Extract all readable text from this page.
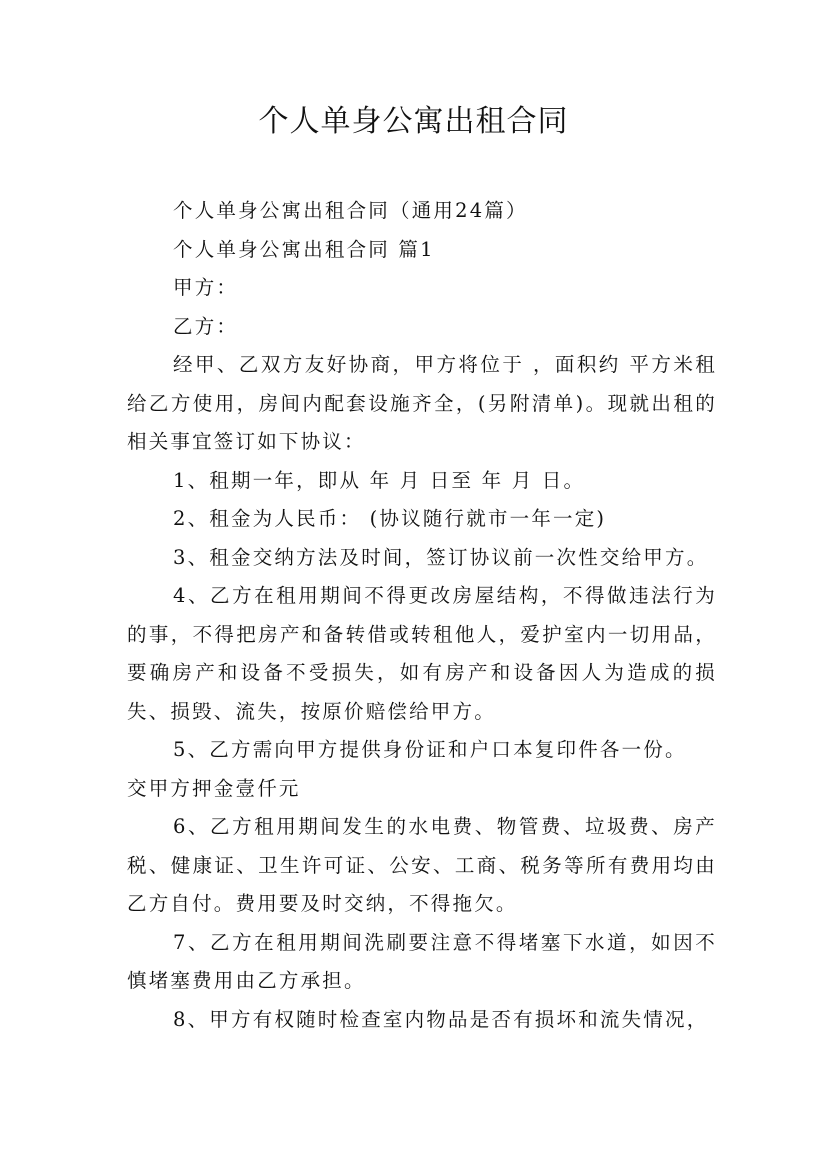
个人单身公寓出租合同

个人单身公寓出租合同（通用24篇）

个人单身公寓出租合同 篇1

甲方：

乙方：

经甲、乙双方友好协商，甲方将位于 ，面积约 平方米租给乙方使用，房间内配套设施齐全，(另附清单)。现就出租的相关事宜签订如下协议：

1、租期一年，即从 年 月 日至 年 月 日。

2、租金为人民币： (协议随行就市一年一定)

3、租金交纳方法及时间，签订协议前一次性交给甲方。

4、乙方在租用期间不得更改房屋结构，不得做违法行为的事，不得把房产和备转借或转租他人，爱护室内一切用品，要确房产和设备不受损失，如有房产和设备因人为造成的损失、损毁、流失，按原价赔偿给甲方。

5、乙方需向甲方提供身份证和户口本复印件各一份。

交甲方押金壹仟元

6、乙方租用期间发生的水电费、物管费、垃圾费、房产税、健康证、卫生许可证、公安、工商、税务等所有费用均由乙方自付。费用要及时交纳，不得拖欠。

7、乙方在租用期间洗刷要注意不得堵塞下水道，如因不慎堵塞费用由乙方承担。

8、甲方有权随时检查室内物品是否有损坏和流失情况，
